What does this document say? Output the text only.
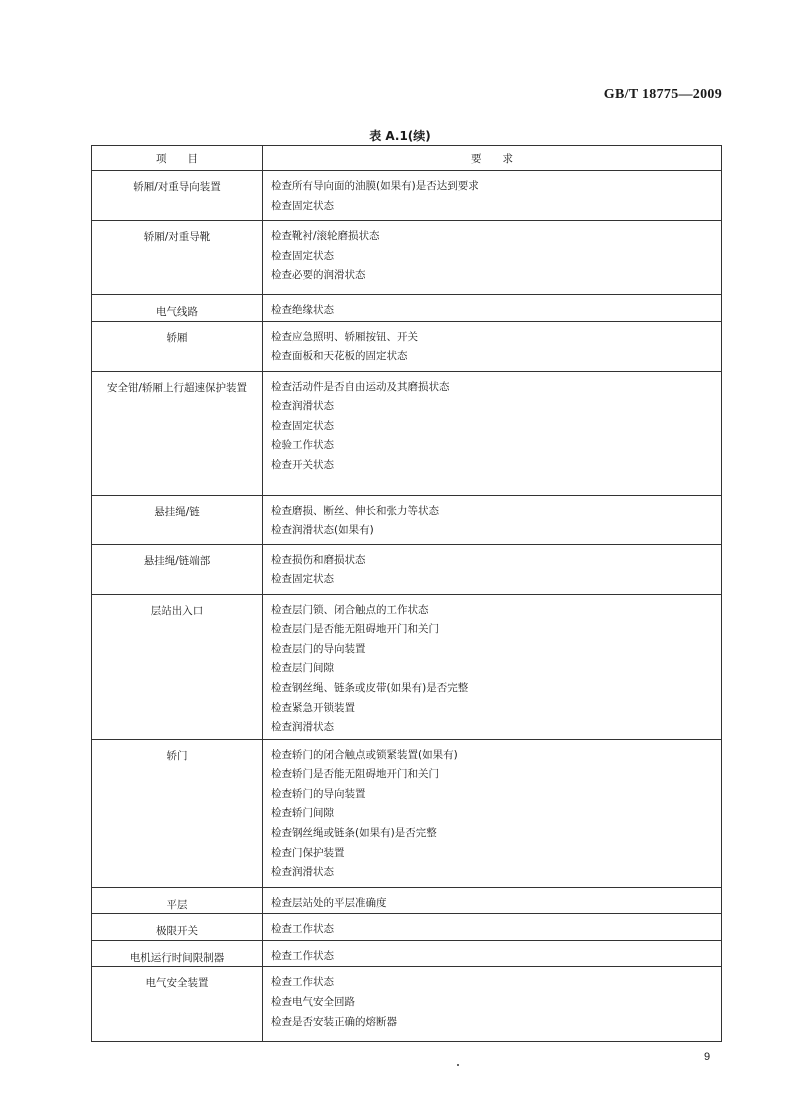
GB/T 18775—2009
表 A.1(续)
项　　目	要　　求
轿厢/对重导向装置	检查所有导向面的油膜(如果有)是否达到要求
检查固定状态

轿厢/对重导靴	检查靴衬/滚轮磨损状态
检查固定状态
检查必要的润滑状态

电气线路	检查绝缘状态

轿厢	检查应急照明、轿厢按钮、开关
检查面板和天花板的固定状态

安全钳/轿厢上行超速保护装置	检查活动件是否自由运动及其磨损状态
检查润滑状态
检查固定状态
检验工作状态
检查开关状态

悬挂绳/链	检查磨损、断丝、伸长和张力等状态
检查润滑状态(如果有)

悬挂绳/链端部	检查损伤和磨损状态
检查固定状态

层站出入口	检查层门锁、闭合触点的工作状态
检查层门是否能无阻碍地开门和关门
检查层门的导向装置
检查层门间隙
检查钢丝绳、链条或皮带(如果有)是否完整
检查紧急开锁装置
检查润滑状态

轿门	检查轿门的闭合触点或锁紧装置(如果有)
检查轿门是否能无阻碍地开门和关门
检查轿门的导向装置
检查轿门间隙
检查钢丝绳或链条(如果有)是否完整
检查门保护装置
检查润滑状态

平层	检查层站处的平层准确度

极限开关	检查工作状态

电机运行时间限制器	检查工作状态

电气安全装置	检查工作状态
检查电气安全回路
检查是否安装正确的熔断器
9
